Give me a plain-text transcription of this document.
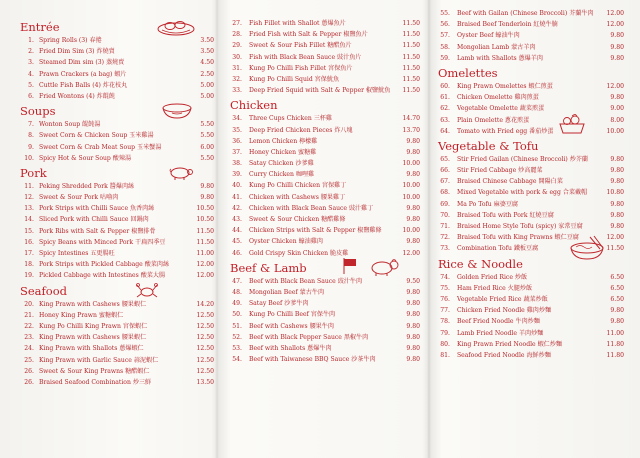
Entrée
1. Spring Rolls (3) 春捲	3.50
2. Fried Dim Sim (3) 炸燒賣	3.50
3. Steamed Dim sim (3) 蒸燒賣	4.50
4. Prawn Crackers (a bag) 蝦片	2.50
5. Cuttle Fish Balls (4) 炸花枝丸	5.00
6. Fried Wontons (4) 炸餛飩	5.00
Soups
7. Wonton Soup 餛飩湯	5.50
8. Sweet Corn & Chicken Soup 玉米雞湯	5.50
9. Sweet Corn & Crab Meat Soup 玉米蟹湯	6.00
10. Spicy Hot & Sour Soup 酸辣湯	5.50
Pork
11. Peking Shredded Pork 醬爆肉絲	9.80
12. Sweet & Sour Pork 咕嚕肉	9.80
13. Pork Strips with Chilli Sauce 魚香肉絲	10.50
14. Sliced Pork with Chilli Sauce 回鍋肉	10.50
15. Pork Ribs with Salt & Pepper 椒鹽排骨	11.50
16. Spicy Beans with Minced Pork 干扁四季豆	11.50
17. Spicy Intestines 五更腸旺	11.00
18. Pork Strips with Pickled Cabbage 酸菜肉絲	12.00
19. Pickled Cabbage with Intestines 酸菜大腸	12.00
Seafood
20. King Prawn with Cashews 腰果蝦仁	14.20
21. Honey King Prawn 蜜糖蝦仁	12.50
22. Kung Po Chilli King Prawn 宮保蝦仁	12.50
23. King Prawn with Cashews 腰果蝦仁	12.50
24. King Prawn with Shallots 蔥爆蝦仁	12.50
25. King Prawn with Garlic Sauce 蒜泥蝦仁	12.50
26. Sweet & Sour King Prawns 糖醋蝦仁	12.50
26. Braised Seafood Combination 炒三鮮	13.50
27. Fish Fillet with Shallot 蔥爆魚片	11.50
28. Fried Fish with Salt & Pepper 椒鹽魚片	11.50
29. Sweet & Sour Fish Fillet 糖醋魚片	11.50
30. Fish with Black Bean Sauce 豉汁魚片	11.50
31. Kung Po Chilli Fish Fillet 宮保魚片	11.50
32. Kung Po Chilli Squid 宮保魷魚	11.50
33. Deep Fried Squid with Salt & Pepper 椒鹽魷魚 11.50
Chicken
34. Three Cups Chicken 三杯雞	14.70
35. Deep Fried Chicken Pieces 炸八塊	13.70
36. Lemon Chicken 檸檬雞	9.80
37. Honey Chicken 蜜糖雞	9.80
38. Satay Chicken 沙爹雞	10.00
39. Curry Chicken 咖哩雞	9.80
40. Kung Po Chilli Chicken 宮保雞丁	10.00
41. Chicken with Cashews 腰果雞丁	10.00
42. Chicken with Black Bean Sauce 豉汁雞丁	9.80
43. Sweet & Sour Chicken 糖醋雞條	9.80
44. Chicken Strips with Salt & Pepper 椒鹽雞條	10.00
45. Oyster Chicken 蠔油雞肉	9.80
46. Gold Crispy Skin Chicken 脆皮雞	12.00
Beef & Lamb
47. Beef with Black Bean Sauce 豉汁牛肉	9.50
48. Mongolian Beef 蒙古牛肉	9.80
49. Satay Beef 沙爹牛肉	9.80
50. Kung Po Chilli Beef 宮保牛肉	9.80
51. Beef with Cashews 腰果牛肉	9.80
52. Beef with Black Pepper Sauce 黑椒牛肉	9.80
53. Beef with Shallots 蔥爆牛肉	9.80
54. Beef with Taiwanese BBQ Sauce 沙茶牛肉	9.80
55. Beef with Gailan (Chinese Broccoli) 芥蘭牛肉 12.00
56. Braised Beef Tenderloin 紅燒牛腩	12.00
57. Oyster Beef 蠔油牛肉	9.80
58. Mongolian Lamb 蒙古羊肉	9.80
59. Lamb with Shallots 蔥爆羊肉	9.80
Omelettes
60. King Prawn Omelettes 蝦仁煎蛋	12.00
61. Chicken Omelette 雞肉煎蛋	9.80
62. Vegetable Omelette 蔬菜煎蛋	9.00
63. Plain Omelette 蔥花煎蛋	8.00
64. Tomato with Fried egg 番茄炒蛋	10.00
Vegetable & Tofu
65. Stir Fried Gailan (Chinese Broccoli) 炒芥蘭	9.80
66. Stir Fried Cabbage 炒高麗菜	9.80
67. Braised Chinese Cabbage 開陽白菜	9.80
68. Mixed Vegetable with pork & egg 合菜戴帽	10.80
69. Ma Po Tofu 麻婆豆腐	9.80
70. Braised Tofu with Pork 紅燒豆腐	9.80
71. Braised Home Style Tofu (spicy) 家常豆腐	9.80
72. Braised Tofu with King Prawns 蝦仁豆腐	12.00
73. Combination Tofu 鐵板豆腐	11.50
Rice & Noodle
74. Golden Fried Rice 炒飯	6.50
75. Ham Fried Rice 火腿炒飯	6.50
76. Vegetable Fried Rice 蔬菜炒飯	6.50
77. Chicken Fried Noodle 雞肉炒麵	9.80
78. Beef Fried Noodle 牛肉炒麵	9.80
79. Lamb Fried Noodle 羊肉炒麵	11.00
80. King Prawn Fried Noodle 蝦仁炒麵	11.80
81. Seafood Fried Noodle 海鮮炒麵	11.80
